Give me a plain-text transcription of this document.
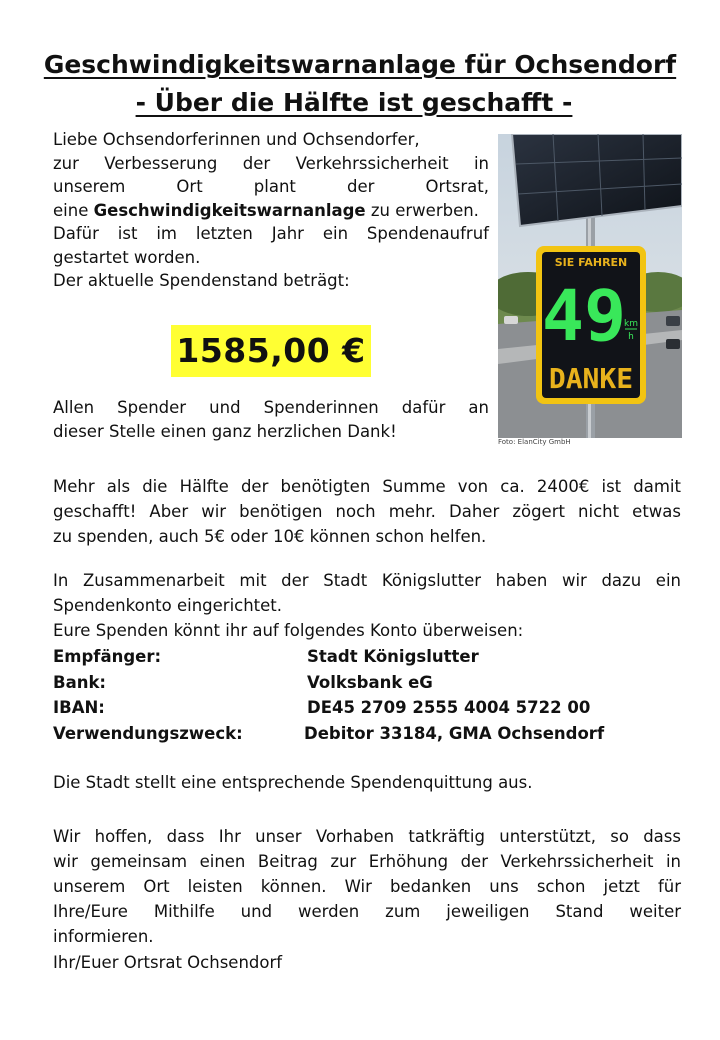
Geschwindigkeitswarnanlage für Ochsendorf
- Über die Hälfte ist geschafft -
Liebe Ochsendorferinnen und Ochsendorfer,
zur Verbesserung der Verkehrssicherheit in
unserem Ort plant der Ortsrat,
eine Geschwindigkeitswarnanlage zu erwerben.
Dafür ist im letzten Jahr ein Spendenaufruf
gestartet worden.
Der aktuelle Spendenstand beträgt:
1585,00 €
Allen Spender und Spenderinnen dafür an
dieser Stelle einen ganz herzlichen Dank!
SIE FAHREN
49
km
h
DANKE
Foto: ElanCity GmbH
Mehr als die Hälfte der benötigten Summe von ca. 2400€ ist damit
geschafft! Aber wir benötigen noch mehr. Daher zögert nicht etwas
zu spenden, auch 5€ oder 10€ können schon helfen.
In Zusammenarbeit mit der Stadt Königslutter haben wir dazu ein
Spendenkonto eingerichtet.
Eure Spenden könnt ihr auf folgendes Konto überweisen:
Empfänger:	Stadt Königslutter
Bank:	Volksbank eG
IBAN:	DE45 2709 2555 4004 5722 00
Verwendungszweck:	Debitor 33184, GMA Ochsendorf
Die Stadt stellt eine entsprechende Spendenquittung aus.
Wir hoffen, dass Ihr unser Vorhaben tatkräftig unterstützt, so dass
wir gemeinsam einen Beitrag zur Erhöhung der Verkehrssicherheit in
unserem Ort leisten können. Wir bedanken uns schon jetzt für
Ihre/Eure Mithilfe und werden zum jeweiligen Stand weiter
informieren.
Ihr/Euer Ortsrat Ochsendorf
